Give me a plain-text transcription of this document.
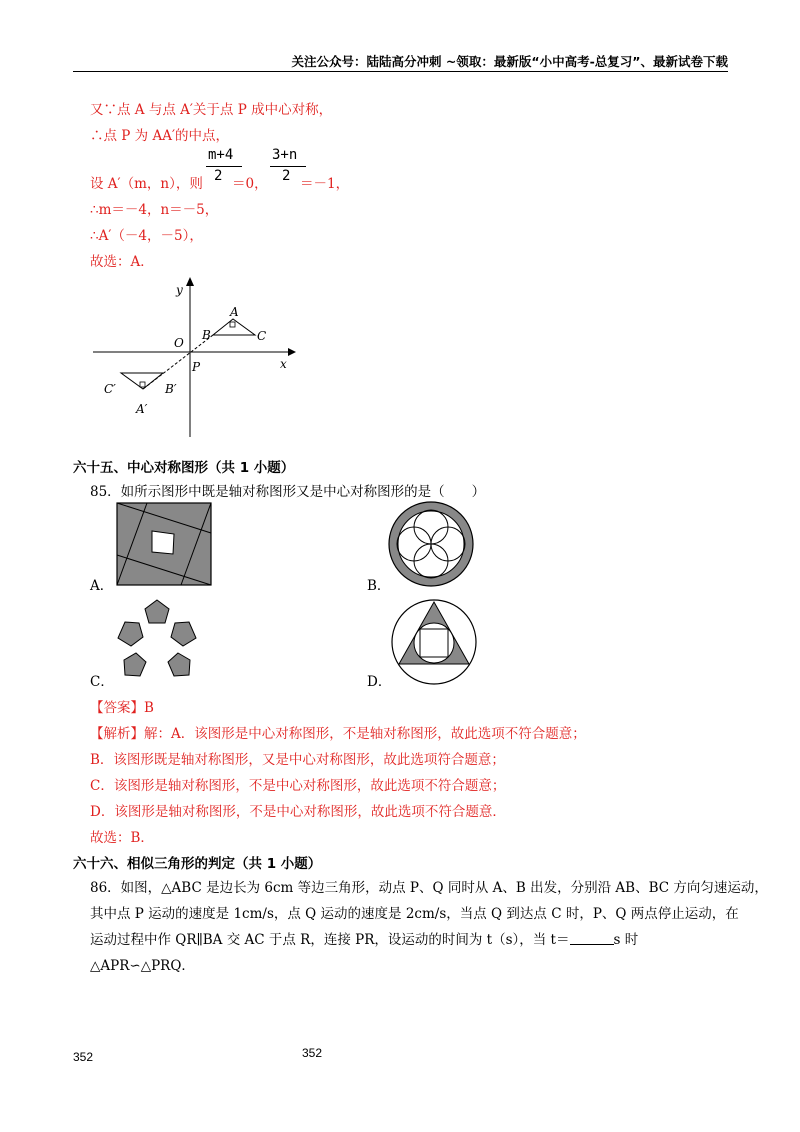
关注公众号：陆陆高分冲刺 ~领取：最新版“小中高考-总复习”、最新试卷下载
又∵点 A 与点 A′关于点 P 成中心对称，
∴点 P 为 AA′的中点，
m+4	3+n
设 A′（m，n），则 2 ＝0， 2 ＝－1，
∴m＝－4，n＝－5，
∴A′（－4，－5），
故选：A．
y
x
O
P
A
B	C
A′
B′
C′
六十五、中心对称图形（共 1 小题）
85．如所示图形中既是轴对称图形又是中心对称图形的是（　　）
A．	B．
C．	D．
【答案】B
【解析】解：A．该图形是中心对称图形，不是轴对称图形，故此选项不符合题意；
B．该图形既是轴对称图形，又是中心对称图形，故此选项符合题意；
C．该图形是轴对称图形，不是中心对称图形，故此选项不符合题意；
D．该图形是轴对称图形，不是中心对称图形，故此选项不符合题意．
故选：B．
六十六、相似三角形的判定（共 1 小题）
86．如图，△ABC 是边长为 6cm 等边三角形，动点 P、Q 同时从 A、B 出发，分别沿 AB、BC 方向匀速运动，
其中点 P 运动的速度是 1cm/s，点 Q 运动的速度是 2cm/s，当点 Q 到达点 C 时，P、Q 两点停止运动，在
运动过程中作 QR∥BA 交 AC 于点 R，连接 PR，设运动的时间为 t（s），当 t＝	s 时
△APR∽△PRQ．
352	352
